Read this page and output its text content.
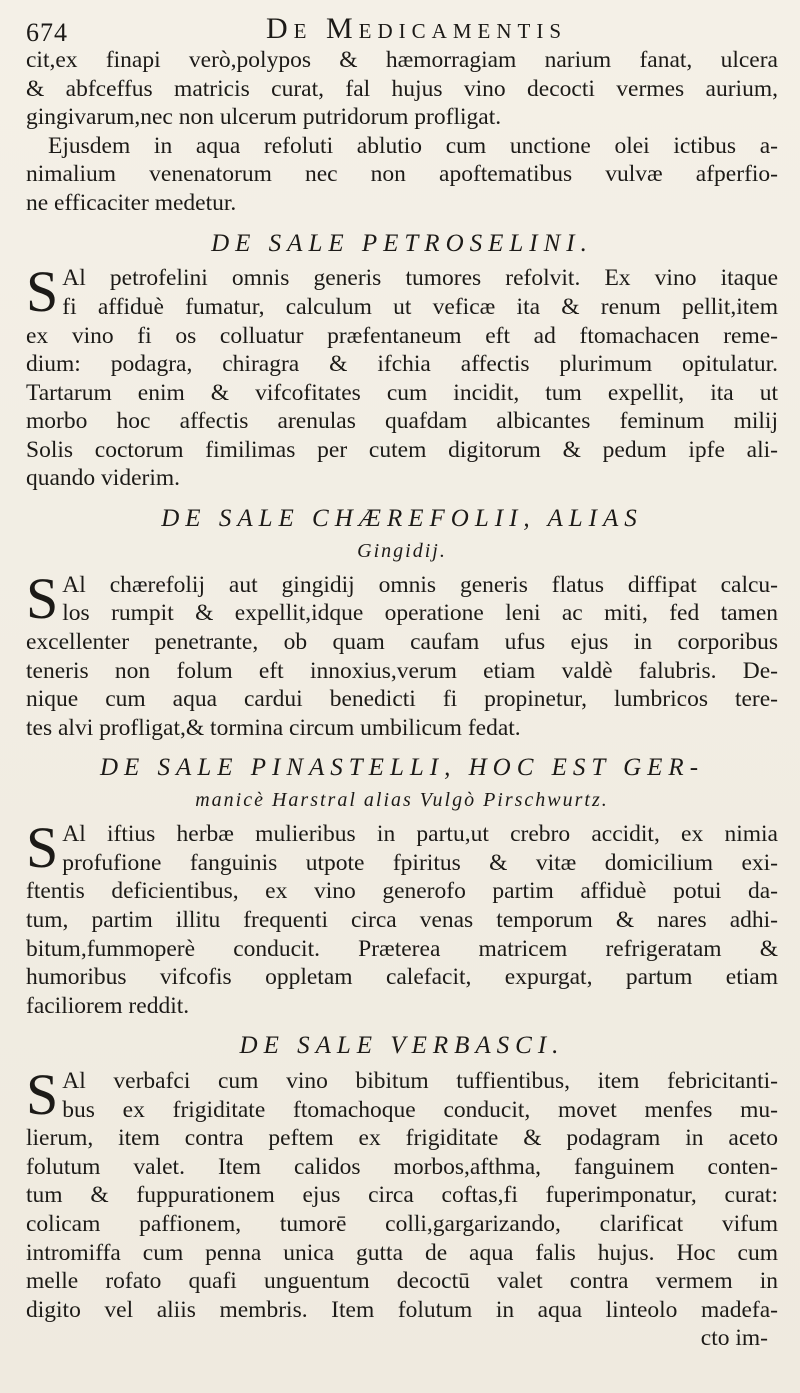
674	De Medicamentis

cit,ex finapi verò,polypos & hæmorragiam narium fanat, ulcera
& abfceffus matricis curat, fal hujus vino decocti vermes aurium,
gingivarum,nec non ulcerum putridorum profligat.
Ejusdem in aqua refoluti ablutio cum unctione olei ictibus a-
nimalium venenatorum nec non apoftematibus vulvæ afperfio-
ne efficaciter medetur.

DE SALE PETROSELINI.

S Al petrofelini omnis generis tumores refolvit. Ex vino itaque
fi affiduè fumatur, calculum ut veficæ ita & renum pellit,item
ex vino fi os colluatur præfentaneum eft ad ftomachacen reme-
dium: podagra, chiragra & ifchia affectis plurimum opitulatur.
Tartarum enim & vifcofitates cum incidit, tum expellit, ita ut
morbo hoc affectis arenulas quafdam albicantes feminum milij
Solis coctorum fimilimas per cutem digitorum & pedum ipfe ali-
quando viderim.

DE SALE CHÆREFOLII, ALIAS
Gingidij.

S Al chærefolij aut gingidij omnis generis flatus diffipat calcu-
los rumpit & expellit,idque operatione leni ac miti, fed tamen
excellenter penetrante, ob quam caufam ufus ejus in corporibus
teneris non folum eft innoxius,verum etiam valdè falubris. De-
nique cum aqua cardui benedicti fi propinetur, lumbricos tere-
tes alvi profligat,& tormina circum umbilicum fedat.

DE SALE PINASTELLI, HOC EST GER-
manicè Harstral alias Vulgò Pirschwurtz.

S Al iftius herbæ mulieribus in partu,ut crebro accidit, ex nimia
profufione fanguinis utpote fpiritus & vitæ domicilium exi-
ftentis deficientibus, ex vino generofo partim affiduè potui da-
tum, partim illitu frequenti circa venas temporum & nares adhi-
bitum,fummoperè conducit. Præterea matricem refrigeratam &
humoribus vifcofis oppletam calefacit, expurgat, partum etiam
faciliorem reddit.

DE SALE VERBASCI.

S Al verbafci cum vino bibitum tuffientibus, item febricitanti-
bus ex frigiditate ftomachoque conducit, movet menfes mu-
lierum, item contra peftem ex frigiditate & podagram in aceto
folutum valet. Item calidos morbos,afthma, fanguinem conten-
tum & fuppurationem ejus circa coftas,fi fuperimponatur, curat:
colicam paffionem, tumorē colli,gargarizando, clarificat vifum
intromiffa cum penna unica gutta de aqua falis hujus. Hoc cum
melle rofato quafi unguentum decoctū valet contra vermem in
digito vel aliis membris. Item folutum in aqua linteolo madefa-
cto im-
